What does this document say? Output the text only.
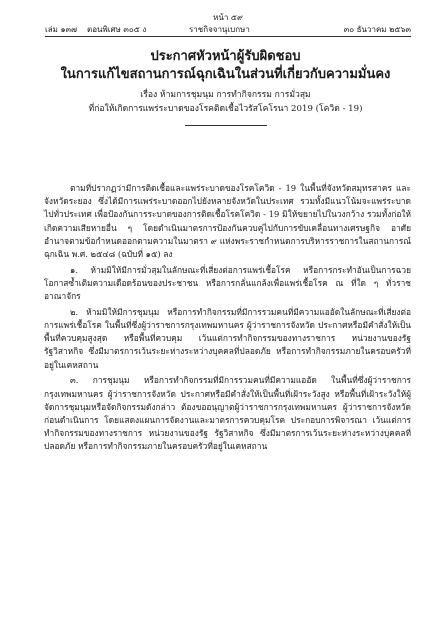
หน้า ๕๙
เล่ม ๑๓๗ ตอนพิเศษ ๓๐๕ ง	ราชกิจจานุเบกษา	๓๐ ธันวาคม ๒๕๖๓
ประกาศหัวหน้าผู้รับผิดชอบ
ในการแก้ไขสถานการณ์ฉุกเฉินในส่วนที่เกี่ยวกับความมั่นคง
เรื่อง ห้ามการชุมนุม การทำกิจกรรม การมั่วสุม
ที่ก่อให้เกิดการแพร่ระบาดของโรคติดเชื้อไวรัสโคโรนา 2019 (โควิด - 19)

ตามที่ปรากฏว่ามีการติดเชื้อและแพร่ระบาดของโรคโควิด - 19 ในพื้นที่จังหวัดสมุทรสาคร และจังหวัดระยอง ซึ่งได้มีการแพร่ระบาดออกไปยังหลายจังหวัดในประเทศ รวมทั้งมีแนวโน้มจะแพร่ระบาดไปทั่วประเทศ เพื่อป้องกันการระบาดของการติดเชื้อโรคโควิด - 19 มิให้ขยายไปในวงกว้าง รวมทั้งก่อให้เกิดความเสียหายอื่น ๆ โดยดำเนินมาตรการป้องกันควบคู่ไปกับการขับเคลื่อนทางเศรษฐกิจ อาศัยอำนาจตามข้อกำหนดออกตามความในมาตรา ๙ แห่งพระราชกำหนดการบริหารราชการในสถานการณ์ฉุกเฉิน พ.ศ. ๒๕๔๘ (ฉบับที่ ๑๕) ลง

๑. ห้ามมิให้มีการมั่วสุมในลักษณะที่เสี่ยงต่อการแพร่เชื้อโรค หรือการกระทำอันเป็นการฉวยโอกาสซ้ำเติมความเดือดร้อนของประชาชน หรือการกลั่นแกล้งเพื่อแพร่เชื้อโรค ณ ที่ใด ๆ ทั่วราชอาณาจักร

๒. ห้ามมิให้มีการชุมนุม หรือการทำกิจกรรมที่มีการรวมคนที่มีความแออัดในลักษณะที่เสี่ยงต่อการแพร่เชื้อโรค ในพื้นที่ซึ่งผู้ว่าราชการกรุงเทพมหานคร ผู้ว่าราชการจังหวัด ประกาศหรือมีคำสั่งให้เป็นพื้นที่ควบคุมสูงสุด หรือพื้นที่ควบคุม เว้นแต่การทำกิจกรรมของทางราชการ หน่วยงานของรัฐ รัฐวิสาหกิจ ซึ่งมีมาตรการเว้นระยะห่างระหว่างบุคคลที่ปลอดภัย หรือการทำกิจกรรมภายในครอบครัวที่อยู่ในเคหสถาน

๓. การชุมนุม หรือการทำกิจกรรมที่มีการรวมคนที่มีความแออัด ในพื้นที่ซึ่งผู้ว่าราชการกรุงเทพมหานคร ผู้ว่าราชการจังหวัด ประกาศหรือมีคำสั่งให้เป็นพื้นที่เฝ้าระวังสูง หรือพื้นที่เฝ้าระวังให้ผู้จัดการชุมนุมหรือจัดกิจกรรมดังกล่าว ต้องขออนุญาตผู้ว่าราชการกรุงเทพมหานคร ผู้ว่าราชการจังหวัดก่อนดำเนินการ โดยแสดงแผนการจัดงานและมาตรการควบคุมโรค ประกอบการพิจารณา เว้นแต่การทำกิจกรรมของทางราชการ หน่วยงานของรัฐ รัฐวิสาหกิจ ซึ่งมีมาตรการเว้นระยะห่างระหว่างบุคคลที่ปลอดภัย หรือการทำกิจกรรมภายในครอบครัวที่อยู่ในเคหสถาน
